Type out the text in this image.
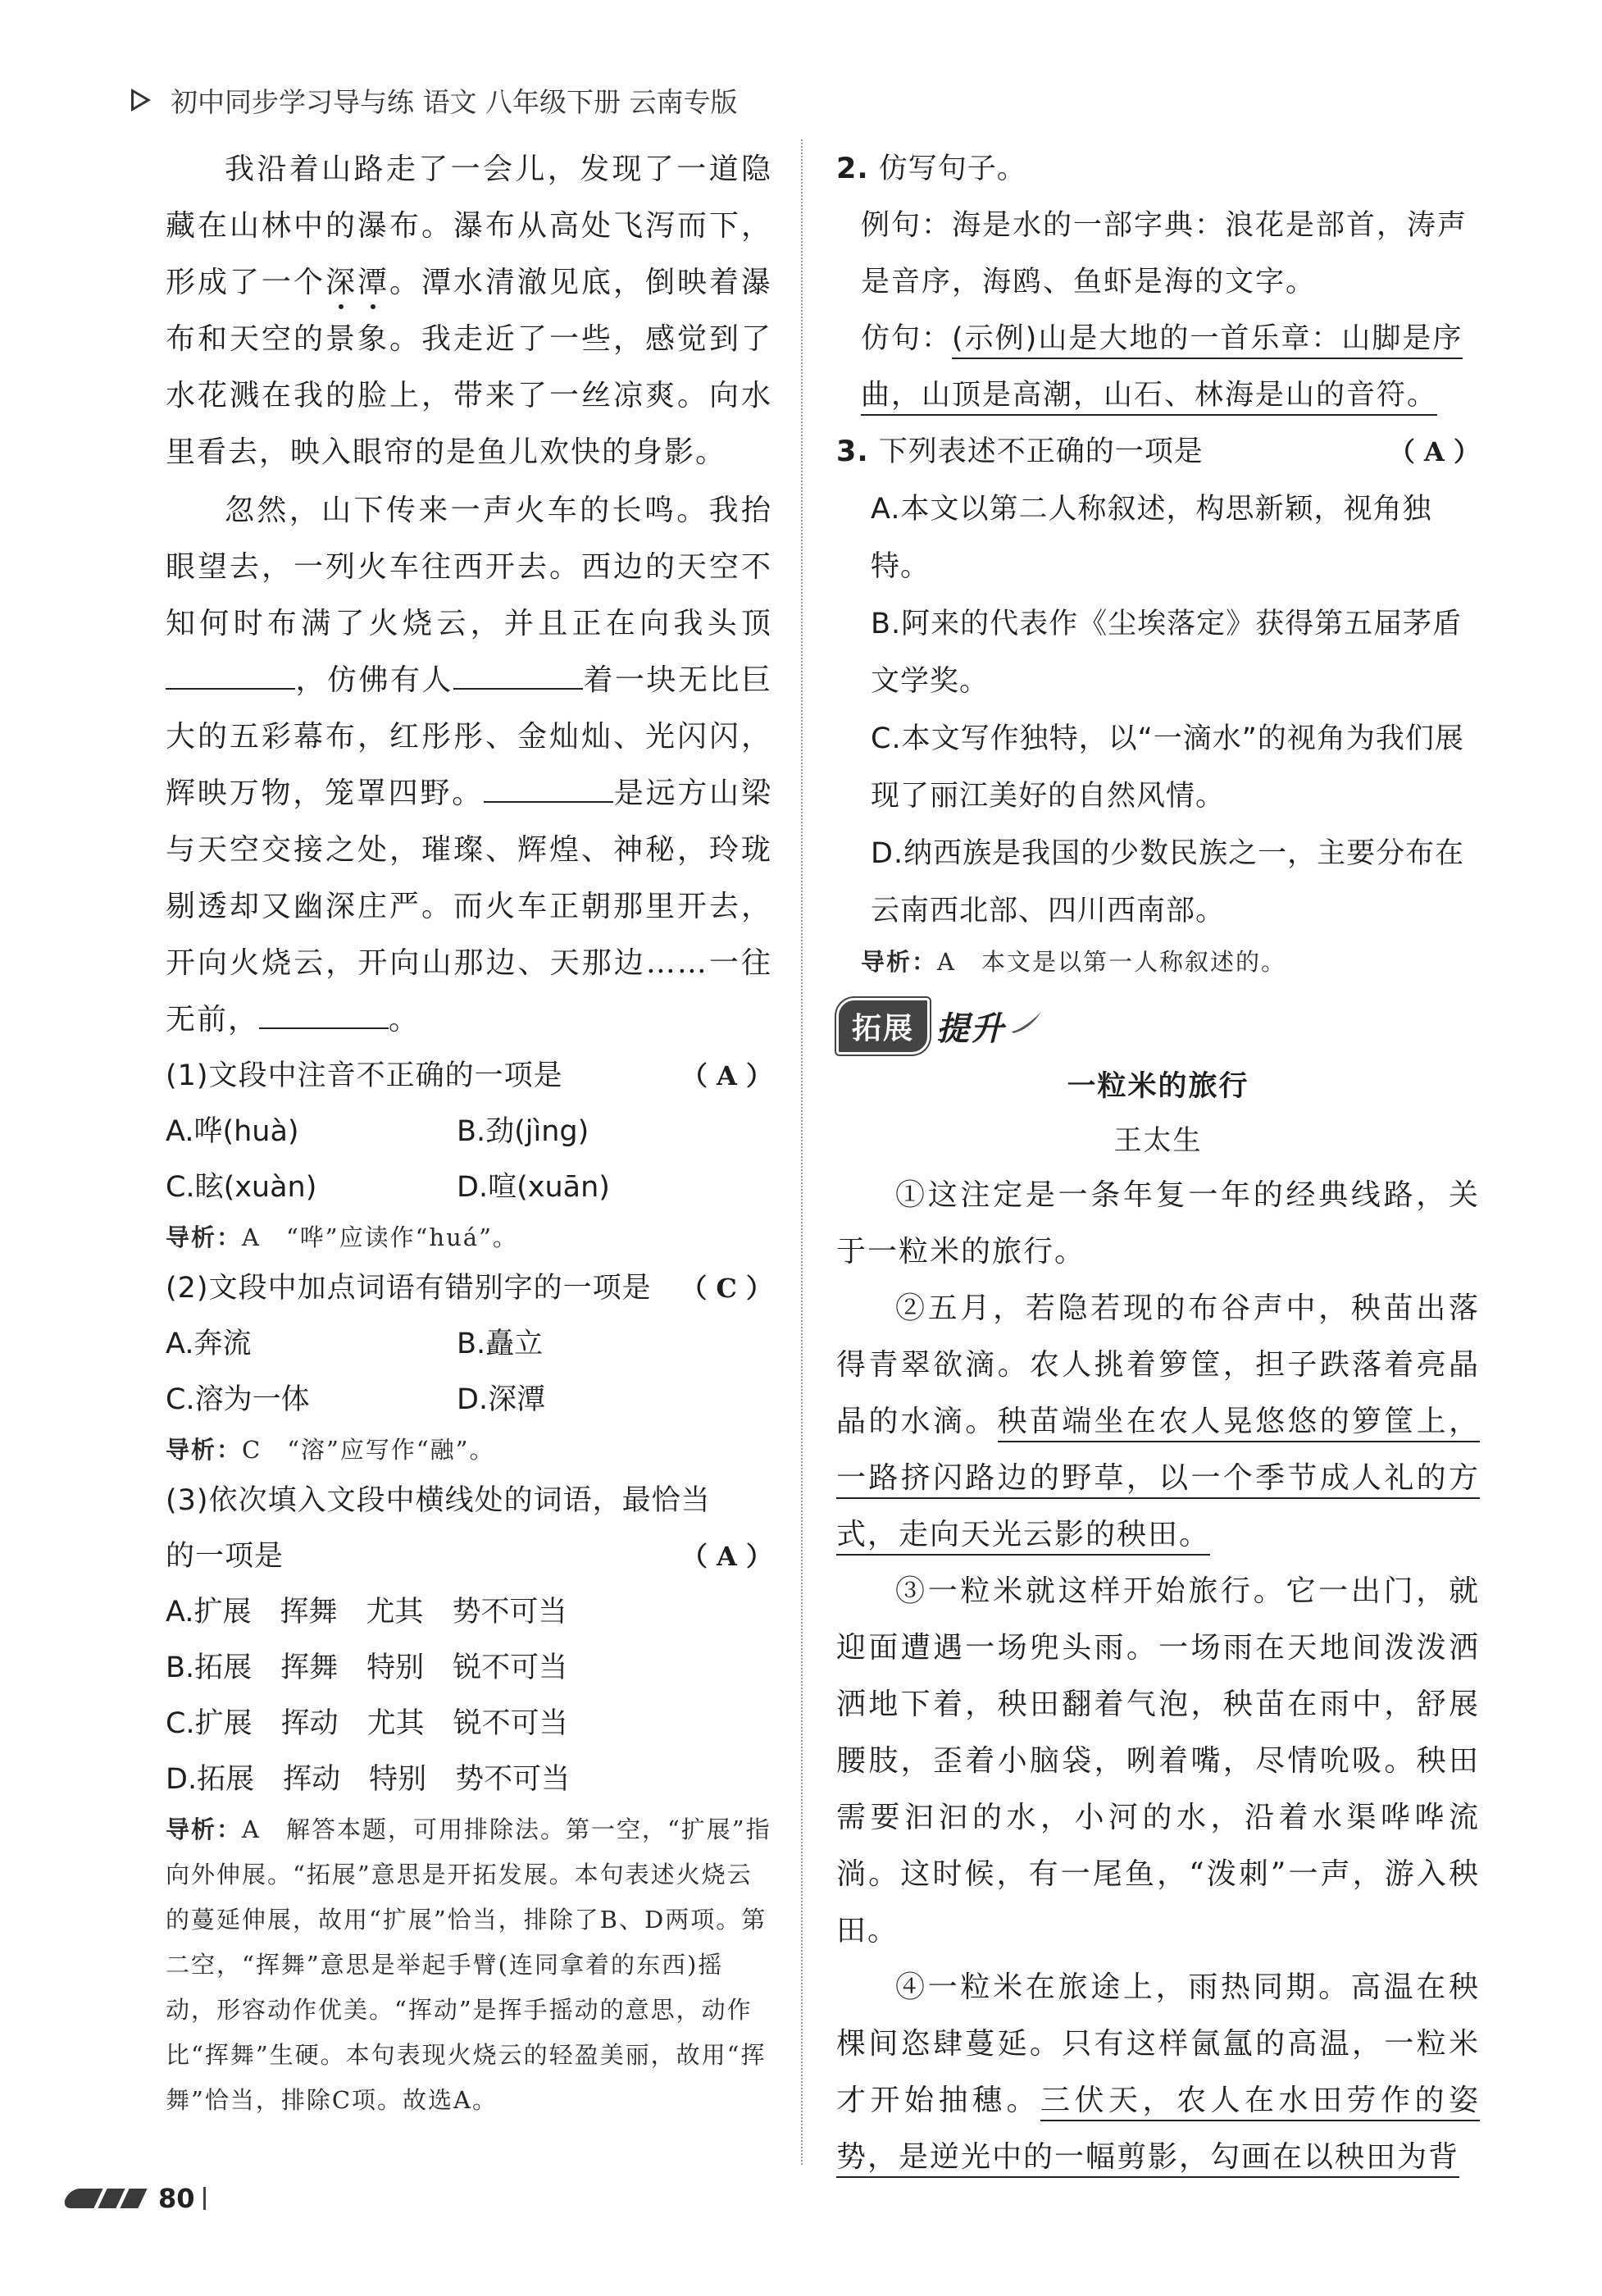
初中同步学习导与练 语文 八年级下册 云南专版

我沿着山路走了一会儿，发现了一道隐藏在山林中的瀑布。瀑布从高处飞泻而下，形成了一个深潭。潭水清澈见底，倒映着瀑布和天空的景象。我走近了一些，感觉到了水花溅在我的脸上，带来了一丝凉爽。向水里看去，映入眼帘的是鱼儿欢快的身影。

忽然，山下传来一声火车的长鸣。我抬眼望去，一列火车往西开去。西边的天空不知何时布满了火烧云，并且正在向我头顶，仿佛有人	着一块无比巨大的五彩幕布，红彤彤、金灿灿、光闪闪，辉映万物，笼罩四野。	是远方山梁与天空交接之处，璀璨、辉煌、神秘，玲珑剔透却又幽深庄严。而火车正朝那里开去，开向火烧云，开向山那边、天那边……一往无前，	。

(1)文段中注音不正确的一项是	（ A ）
A.哗(huà)	B.劲(jìng)
C.眩(xuàn)	D.喧(xuān)
导析：A　“哗”应读作“huá”。
(2)文段中加点词语有错别字的一项是 （ C ）
A.奔流	B.矗立
C.溶为一体	D.深潭
导析：C　“溶”应写作“融”。
(3)依次填入文段中横线处的词语，最恰当
的一项是	（ A ）
A.扩展　挥舞　尤其　势不可当
B.拓展　挥舞　特别　锐不可当
C.扩展　挥动　尤其　锐不可当
D.拓展　挥动　特别　势不可当
导析：A　解答本题，可用排除法。第一空，“扩展”指向外伸展。“拓展”意思是开拓发展。本句表述火烧云的蔓延伸展，故用“扩展”恰当，排除了B、D两项。第二空，“挥舞”意思是举起手臂(连同拿着的东西)摇动，形容动作优美。“挥动”是挥手摇动的意思，动作比“挥舞”生硬。本句表现火烧云的轻盈美丽，故用“挥舞”恰当，排除C项。故选A。
2. 仿写句子。
例句：海是水的一部字典：浪花是部首，涛声是音序，海鸥、鱼虾是海的文字。
仿句：(示例)山是大地的一首乐章：山脚是序曲，山顶是高潮，山石、林海是山的音符。
3. 下列表述不正确的一项是	（ A ）
A.本文以第二人称叙述，构思新颖，视角独特。
B.阿来的代表作《尘埃落定》获得第五届茅盾文学奖。
C.本文写作独特，以“一滴水”的视角为我们展现了丽江美好的自然风情。
D.纳西族是我国的少数民族之一，主要分布在云南西北部、四川西南部。
导析：A　本文是以第一人称叙述的。
拓展 提升
一粒米的旅行
王太生

①这注定是一条年复一年的经典线路，关于一粒米的旅行。

②五月，若隐若现的布谷声中，秧苗出落得青翠欲滴。农人挑着箩筐，担子跌落着亮晶晶的水滴。秧苗端坐在农人晃悠悠的箩筐上，一路挤闪路边的野草，以一个季节成人礼的方式，走向天光云影的秧田。

③一粒米就这样开始旅行。它一出门，就迎面遭遇一场兜头雨。一场雨在天地间泼泼洒洒地下着，秧田翻着气泡，秧苗在雨中，舒展腰肢，歪着小脑袋，咧着嘴，尽情吮吸。秧田需要汩汩的水，小河的水，沿着水渠哗哗流淌。这时候，有一尾鱼，“泼刺”一声，游入秧田。

④一粒米在旅途上，雨热同期。高温在秧棵间恣肆蔓延。只有这样氤氲的高温，一粒米才开始抽穗。三伏天，农人在水田劳作的姿势，是逆光中的一幅剪影，勾画在以秧田为背

80
